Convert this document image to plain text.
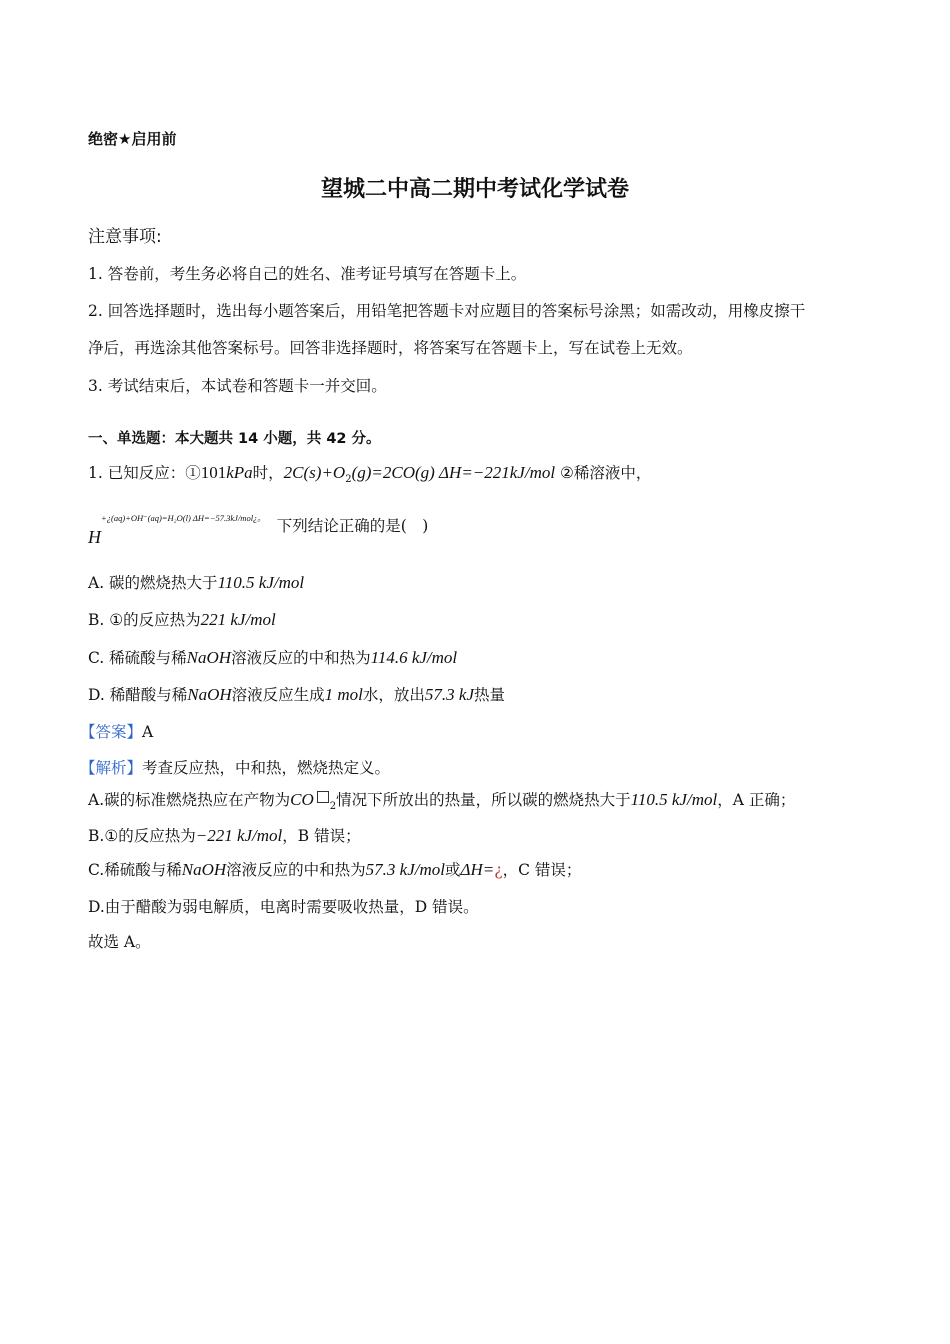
绝密★启用前
望城二中高二期中考试化学试卷
注意事项:
1. 答卷前，考生务必将自己的姓名、准考证号填写在答题卡上。
2. 回答选择题时，选出每小题答案后，用铅笔把答题卡对应题目的答案标号涂黑；如需改动，用橡皮擦干
净后，再选涂其他答案标号。回答非选择题时，将答案写在答题卡上，写在试卷上无效。
3. 考试结束后，本试卷和答题卡一并交回。
一、单选题：本大题共 14 小题，共 42 分。
1. 已知反应：①101kPa时，$2C(s)+O_2(g)=2CO(g)$ ΔH=−221kJ/mol ②稀溶液中，
$H^{+¿(aq)+OH^-(aq)=H_2O(l) \Delta H=-57.3kJ/mol¿。}$ 下列结论正确的是(　)
A. 碳的燃烧热大于110.5 kJ/mol
B. ①的反应热为221 kJ/mol
C. 稀硫酸与稀NaOH溶液反应的中和热为114.6 kJ/mol
D. 稀醋酸与稀NaOH溶液反应生成1 mol水，放出57.3 kJ热量
【答案】A
【解析】考查反应热，中和热，燃烧热定义。
A.碳的标准燃烧热应在产物为CO $_2$情况下所放出的热量，所以碳的燃烧热大于110.5 kJ/mol，A 正确；
B.①的反应热为−221 kJ/mol，B 错误；
C.稀硫酸与稀NaOH溶液反应的中和热为57.3 kJ/mol或ΔH=¿，C 错误；
D.由于醋酸为弱电解质，电离时需要吸收热量，D 错误。
故选 A。
